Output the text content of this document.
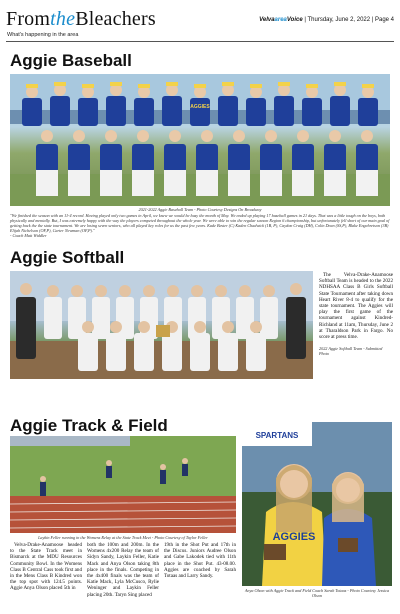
FromtheBleachers
What's happening in the area
VelvaareaVoice | Thursday, June 2, 2022 | Page 4
Aggie Baseball
AGGIES
2021-2022 Aggie Baseball Team - Photo Courtesy Designs On Broadway
"We finished the season with an 11-4 record. Having played only two games in April, we knew we would be busy the month of May. We ended up playing 17 baseball games in 21 days. That was a little tough on the boys, both physically and mentally. But, I was extremely happy with the way the players competed throughout the whole year. We were able to win the regular season Region 6 championship, but unfortunately fell short of our main goal of getting back the the state tournament. We are losing seven seniors, who all played key roles for us the past few years. Kade Bester (C) Kaden Chadwick (1B, P), Caydon Craig (DH), Colin Dean (SS,P), Blake Engebretson (3B) Elijah Nichelson (OF,P), Carter Newman (OF,P)."
- Coach Matt Widdler
Aggie Softball
The Velva-Drake-Anamoose Softball Team is headed to the 2022 NDHSAA Class B Girls Softball State Tournament after taking down Heart River 8-4 to qualify for the state tournament. The Aggies will play the first game of the tournament against Kindred-Richland at 11am, Thursday, June 2 at Tharaldson Park in Fargo. No score at press time.
2022 Aggie Softball Team - Submitted Photo
Aggie Track & Field
Laykin Feller running in the Womens Relay at the State Track Meet - Photo Courtesy of Taylor Feller
Velva-Drake-Anamoose headed to the State Track meet in Bismarck at the MDU Resources Community Bowl. In the Womens Class B Central Cass took first and in the Mens Class B Kindred won the top spot with 124.5 points. Aggie Anya Olson placed 5th in
both the 100m and 200m. In the Womens 4x200 Relay the team of Sidyn Sandy, Laykin Feller, Katie Mack and Anya Olson taking 8th place in the finals. Competing in the 4x400 finals was the team of Katie Mack, Lyla McCusco, Rylie Weninger and Laykin Feller placing 20th. Taryn Sing placed
19th in the Shot Put and 17th in the Discus. Juniors Audree Olson and Gabe Lakodek tied with 11th place in the Shot Put. 43-08.00. Aggies are coached by Sarah Totaas and Larry Sandy.
SPARTANS
AGGIES
Anya Olson with Aggie Track and Field Coach Sarah Totaas - Photo Courtesy Jessica Olson
